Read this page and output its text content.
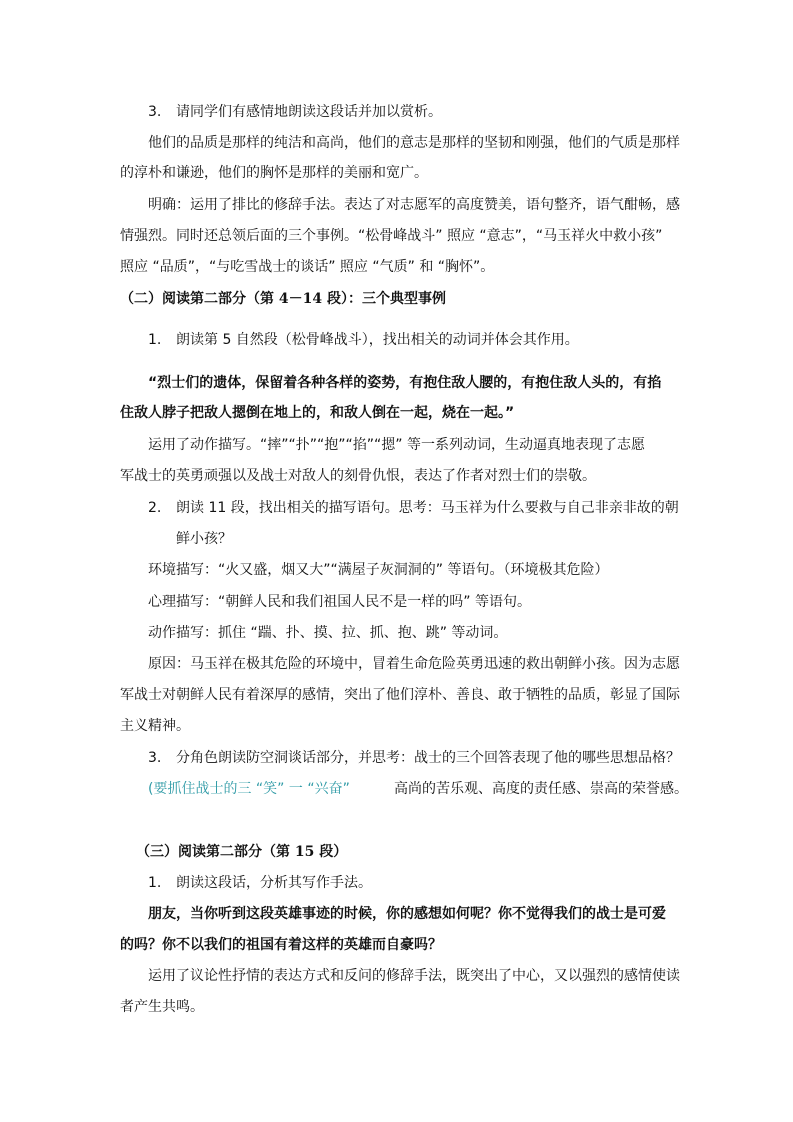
3. 请同学们有感情地朗读这段话并加以赏析。
他们的品质是那样的纯洁和高尚，他们的意志是那样的坚韧和刚强，他们的气质是那样
的淳朴和谦逊，他们的胸怀是那样的美丽和宽广。
明确：运用了排比的修辞手法。表达了对志愿军的高度赞美，语句整齐，语气酣畅，感
情强烈。同时还总领后面的三个事例。“松骨峰战斗” 照应 “意志”，“马玉祥火中救小孩”
照应 “品质”，“与吃雪战士的谈话” 照应 “气质” 和 “胸怀”。
（二）阅读第二部分（第 4－14 段）：三个典型事例
1. 朗读第 5 自然段（松骨峰战斗），找出相关的动词并体会其作用。
“烈士们的遗体，保留着各种各样的姿势，有抱住敌人腰的，有抱住敌人头的，有掐
住敌人脖子把敌人摁倒在地上的，和敌人倒在一起，烧在一起。”
运用了动作描写。“摔”“扑”“抱”“掐”“摁” 等一系列动词，生动逼真地表现了志愿
军战士的英勇顽强以及战士对敌人的刻骨仇恨，表达了作者对烈士们的崇敬。
2. 朗读 11 段，找出相关的描写语句。思考：马玉祥为什么要救与自己非亲非故的朝
鲜小孩？
环境描写：“火又盛，烟又大”“满屋子灰洞洞的” 等语句。（环境极其危险）
心理描写：“朝鲜人民和我们祖国人民不是一样的吗” 等语句。
动作描写：抓住 “踹、扑、摸、拉、抓、抱、跳” 等动词。
原因：马玉祥在极其危险的环境中，冒着生命危险英勇迅速的救出朝鲜小孩。因为志愿
军战士对朝鲜人民有着深厚的感情，突出了他们淳朴、善良、敢于牺牲的品质，彰显了国际
主义精神。
3. 分角色朗读防空洞谈话部分，并思考：战士的三个回答表现了他的哪些思想品格？
(要抓住战士的三 “笑” 一 “兴奋”	高尚的苦乐观、高度的责任感、崇高的荣誉感。
（三）阅读第二部分（第 15 段）
1. 朗读这段话，分析其写作手法。
朋友，当你听到这段英雄事迹的时候，你的感想如何呢？你不觉得我们的战士是可爱
的吗？你不以我们的祖国有着这样的英雄而自豪吗？
运用了议论性抒情的表达方式和反问的修辞手法，既突出了中心，又以强烈的感情使读
者产生共鸣。
